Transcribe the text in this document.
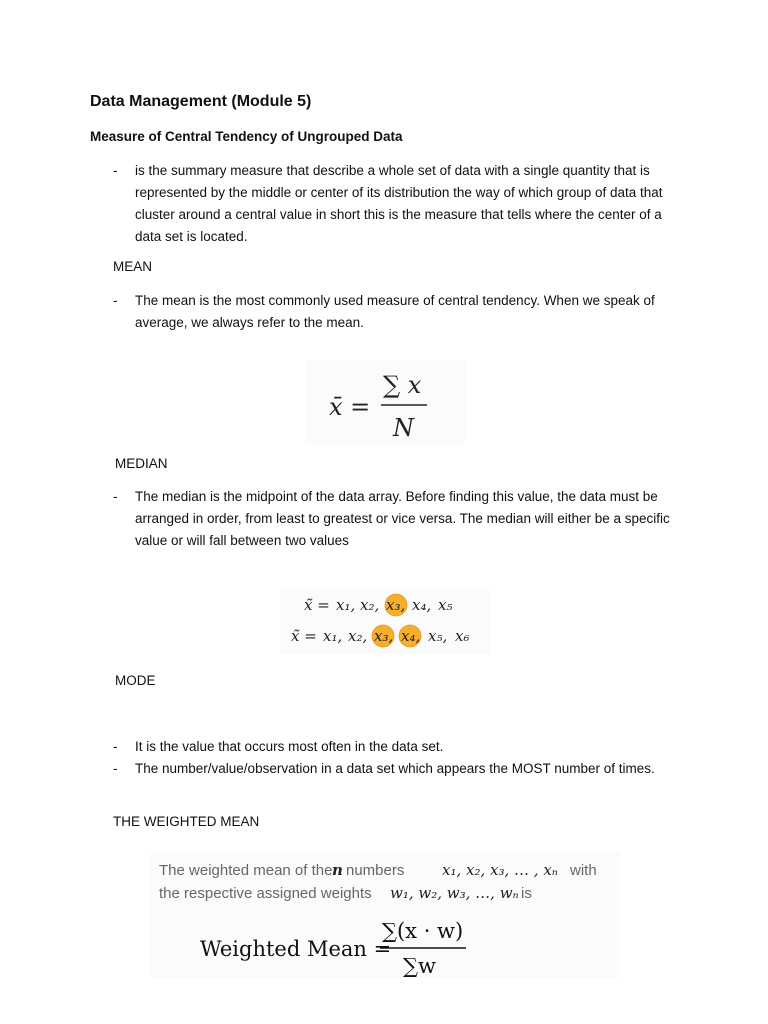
Data Management (Module 5)
Measure of Central Tendency of Ungrouped Data
- is the summary measure that describe a whole set of data with a single quantity that is represented by the middle or center of its distribution the way of which group of data that cluster around a central value in short this is the measure that tells where the center of a data set is located.
MEAN
- The mean is the most commonly used measure of central tendency. When we speak of average, we always refer to the mean.
x̄ =
∑ x
N
MEDIAN
- The median is the midpoint of the data array. Before finding this value, the data must be arranged in order, from least to greatest or vice versa. The median will either be a specific value or will fall between two values
x̃ = x₁, x₂, x₃, x₄, x₅
x̃ = x₁, x₂, x₃, x₄, x₅, x₆
MODE
- It is the value that occurs most often in the data set.
- The number/value/observation in a data set which appears the MOST number of times.
THE WEIGHTED MEAN
The weighted mean of the n numbers	x₁, x₂, x₃, … , xₙ with
the respective assigned weights w₁, w₂, w₃, …, wₙ is
Weighted Mean =
∑(x · w)
∑w
